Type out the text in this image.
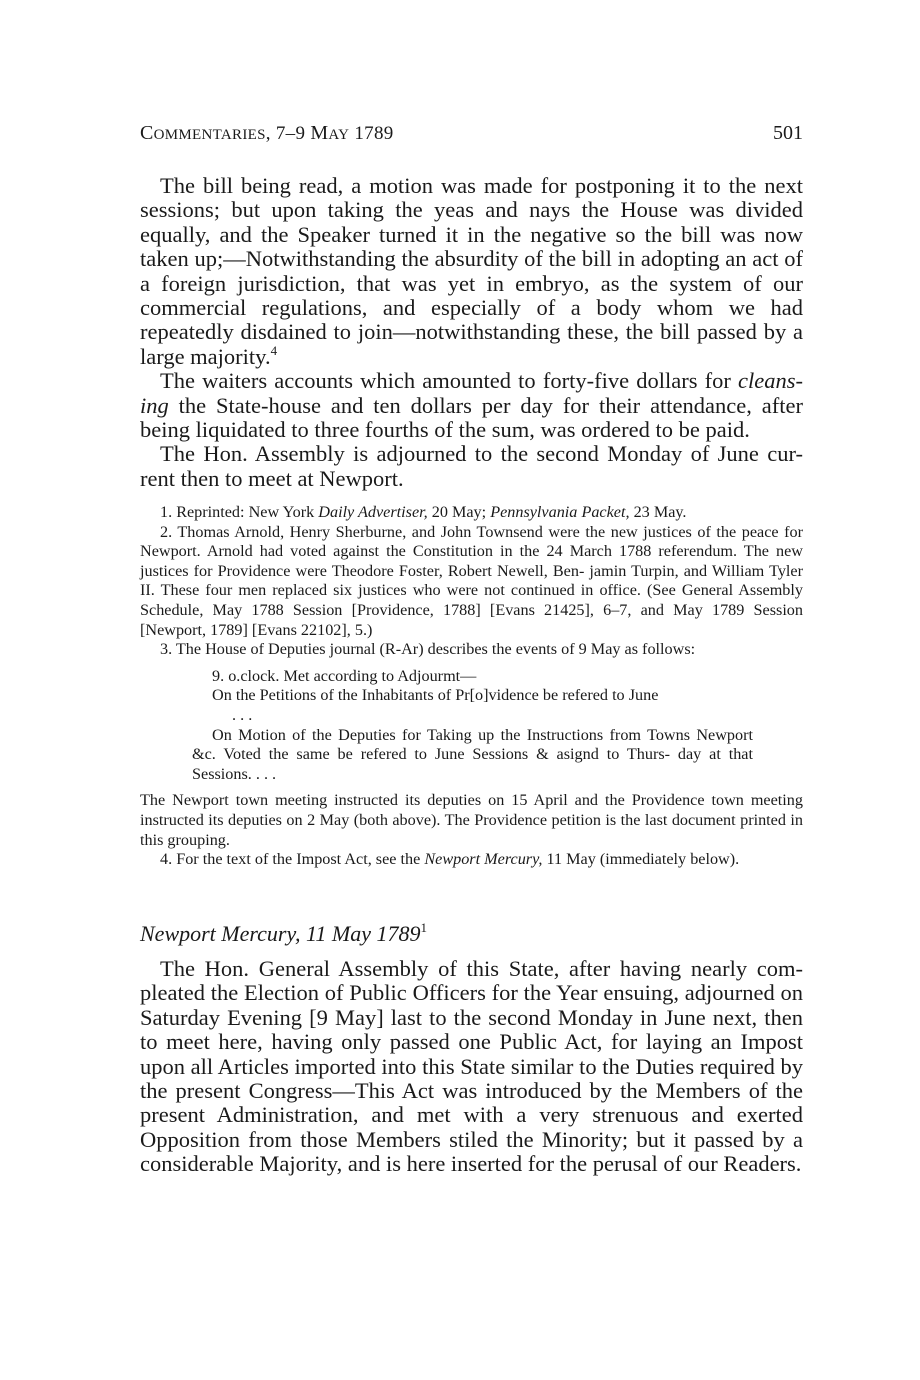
COMMENTARIES, 7–9 MAY 1789	501

The bill being read, a motion was made for postponing it to the next sessions; but upon taking the yeas and nays the House was divided equally, and the Speaker turned it in the negative so the bill was now taken up;—Notwithstanding the absurdity of the bill in adopting an act of a foreign jurisdiction, that was yet in embryo, as the system of our commercial regulations, and especially of a body whom we had repeatedly disdained to join—notwithstanding these, the bill passed by a large majority.$^4$

The waiters accounts which amounted to forty-five dollars for cleans- ing the State-house and ten dollars per day for their attendance, after being liquidated to three fourths of the sum, was ordered to be paid.

The Hon. Assembly is adjourned to the second Monday of June cur- rent then to meet at Newport.

1. Reprinted: New York Daily Advertiser, 20 May; Pennsylvania Packet, 23 May.

2. Thomas Arnold, Henry Sherburne, and John Townsend were the new justices of the peace for Newport. Arnold had voted against the Constitution in the 24 March 1788 referendum. The new justices for Providence were Theodore Foster, Robert Newell, Ben- jamin Turpin, and William Tyler II. These four men replaced six justices who were not continued in office. (See General Assembly Schedule, May 1788 Session [Providence, 1788] [Evans 21425], 6–7, and May 1789 Session [Newport, 1789] [Evans 22102], 5.)

3. The House of Deputies journal (R-Ar) describes the events of 9 May as follows:

9. o.clock. Met according to Adjourmt—

On the Petitions of the Inhabitants of Pr[o]vidence be refered to June

. . .

On Motion of the Deputies for Taking up the Instructions from Towns Newport &c. Voted the same be refered to June Sessions & asignd to Thurs- day at that Sessions. . . .

The Newport town meeting instructed its deputies on 15 April and the Providence town meeting instructed its deputies on 2 May (both above). The Providence petition is the last document printed in this grouping.

4. For the text of the Impost Act, see the Newport Mercury, 11 May (immediately below).

Newport Mercury, 11 May 1789$^1$

The Hon. General Assembly of this State, after having nearly com- pleated the Election of Public Officers for the Year ensuing, adjourned on Saturday Evening [9 May] last to the second Monday in June next, then to meet here, having only passed one Public Act, for laying an Impost upon all Articles imported into this State similar to the Duties required by the present Congress—This Act was introduced by the Members of the present Administration, and met with a very strenuous and exerted Opposition from those Members stiled the Minority; but it passed by a considerable Majority, and is here inserted for the perusal of our Readers.
